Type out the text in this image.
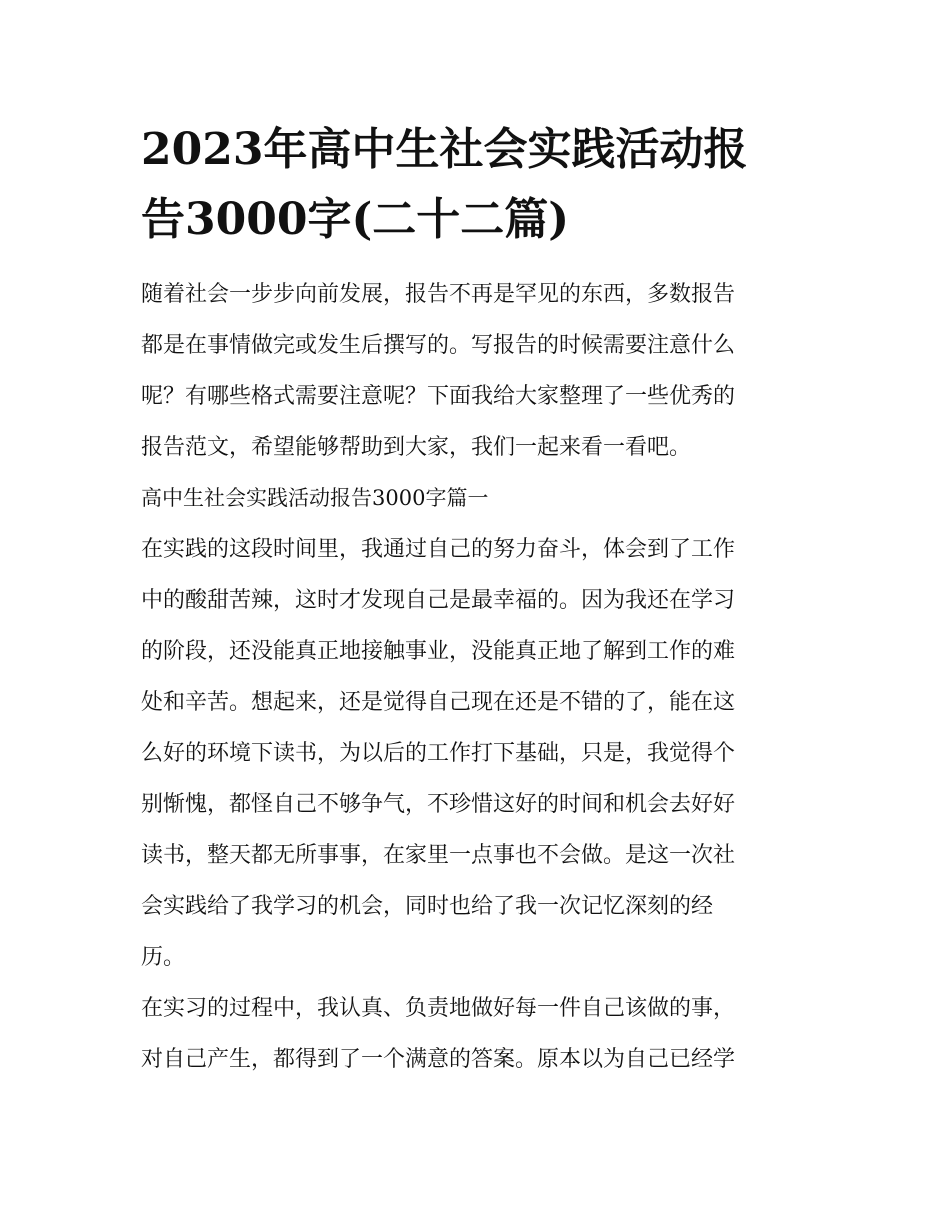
2023年高中生社会实践活动报
告3000字(二十二篇)

随着社会一步步向前发展，报告不再是罕见的东西，多数报告
都是在事情做完或发生后撰写的。写报告的时候需要注意什么
呢？有哪些格式需要注意呢？下面我给大家整理了一些优秀的
报告范文，希望能够帮助到大家，我们一起来看一看吧。

高中生社会实践活动报告3000字篇一

在实践的这段时间里，我通过自己的努力奋斗，体会到了工作
中的酸甜苦辣，这时才发现自己是最幸福的。因为我还在学习
的阶段，还没能真正地接触事业，没能真正地了解到工作的难
处和辛苦。想起来，还是觉得自己现在还是不错的了，能在这
么好的环境下读书，为以后的工作打下基础，只是，我觉得个
别惭愧，都怪自己不够争气，不珍惜这好的时间和机会去好好
读书，整天都无所事事，在家里一点事也不会做。是这一次社
会实践给了我学习的机会，同时也给了我一次记忆深刻的经
历。

在实习的过程中，我认真、负责地做好每一件自己该做的事，
对自己产生，都得到了一个满意的答案。原本以为自己已经学
